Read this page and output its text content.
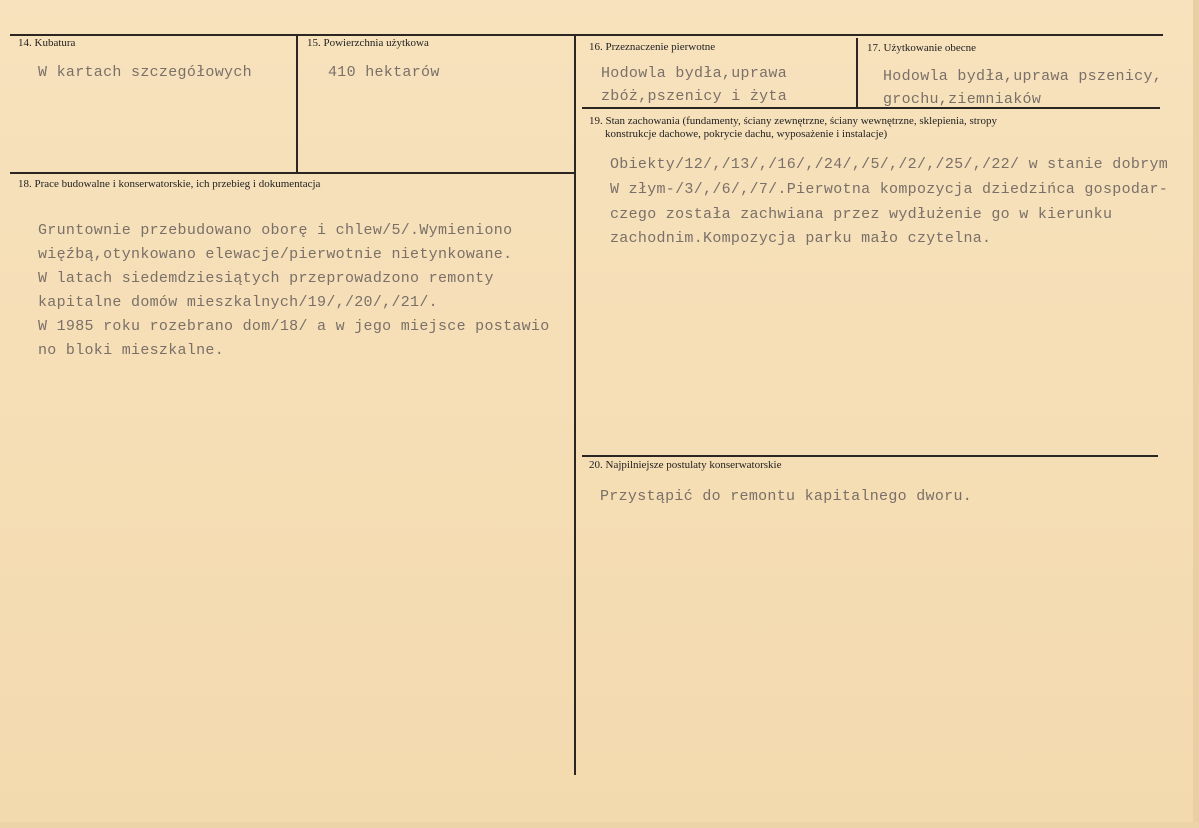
14. Kubatura
W kartach szczegółowych
15. Powierzchnia użytkowa
410 hektarów
16. Przeznaczenie pierwotne
Hodowla bydła,uprawa
zbóż,pszenicy i żyta
17. Użytkowanie obecne
Hodowla bydła,uprawa pszenicy,
grochu,ziemniaków
18. Prace budowalne i konserwatorskie, ich przebieg i dokumentacja
Gruntownie przebudowano oborę i chlew/5/.Wymieniono
więźbą,otynkowano elewacje/pierwotnie nietynkowane.
W latach siedemdziesiątych przeprowadzono remonty
kapitalne domów mieszkalnych/19/,/20/,/21/.
W 1985 roku rozebrano dom/18/ a w jego miejsce postawio
no bloki mieszkalne.
19. Stan zachowania (fundamenty, ściany zewnętrzne, ściany wewnętrzne, sklepienia, stropy
konstrukcje dachowe, pokrycie dachu, wyposażenie i instalacje)
Obiekty/12/,/13/,/16/,/24/,/5/,/2/,/25/,/22/ w stanie dobrym
W złym-/3/,/6/,/7/.Pierwotna kompozycja dziedzińca gospodar-
czego została zachwiana przez wydłużenie go w kierunku
zachodnim.Kompozycja parku mało czytelna.
20. Najpilniejsze postulaty konserwatorskie
Przystąpić do remontu kapitalnego dworu.
